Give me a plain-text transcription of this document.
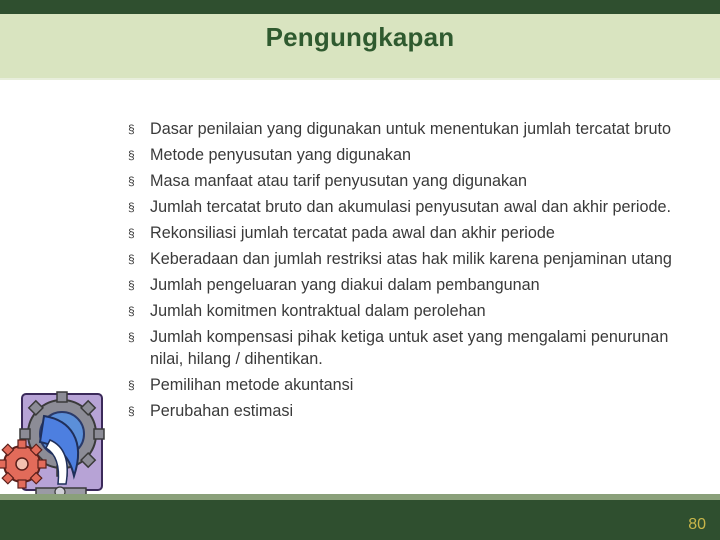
Pengungkapan
§ Dasar penilaian yang digunakan untuk menentukan jumlah tercatat bruto
§ Metode penyusutan yang digunakan
§ Masa manfaat atau tarif penyusutan yang digunakan
§ Jumlah tercatat bruto dan akumulasi penyusutan awal dan akhir periode.
§ Rekonsiliasi jumlah tercatat pada awal dan akhir periode
§ Keberadaan dan jumlah restriksi atas hak milik karena penjaminan utang
§ Jumlah pengeluaran yang diakui dalam pembangunan
§ Jumlah komitmen kontraktual dalam perolehan
§ Jumlah kompensasi pihak ketiga untuk aset yang mengalami penurunan nilai, hilang / dihentikan.
§ Pemilihan metode akuntansi
§ Perubahan estimasi
80
